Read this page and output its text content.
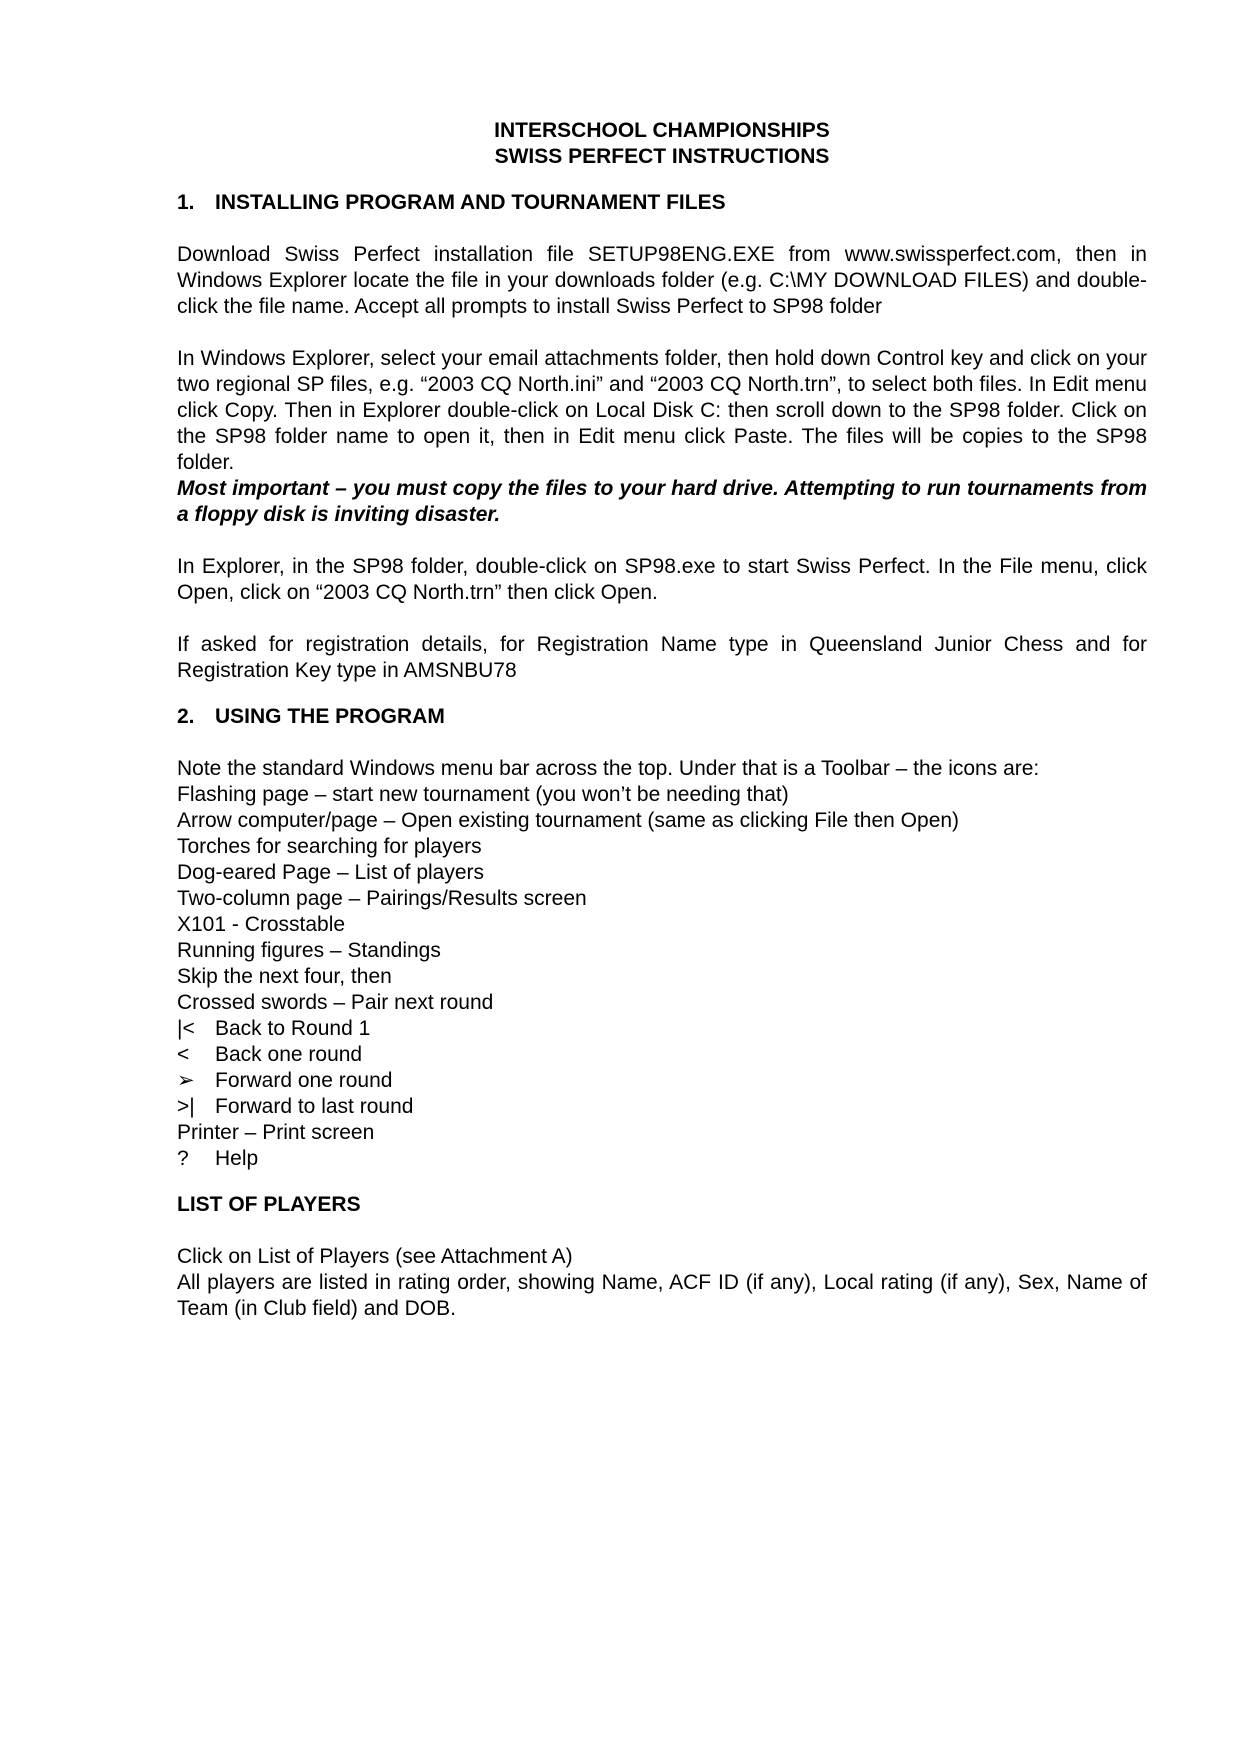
INTERSCHOOL CHAMPIONSHIPS

SWISS PERFECT INSTRUCTIONS

1. INSTALLING PROGRAM AND TOURNAMENT FILES

Download Swiss Perfect installation file SETUP98ENG.EXE from www.swissperfect.com, then in Windows Explorer locate the file in your downloads folder (e.g. C:\MY DOWNLOAD FILES) and double-click the file name. Accept all prompts to install Swiss Perfect to SP98 folder

In Windows Explorer, select your email attachments folder, then hold down Control key and click on your two regional SP files, e.g. “2003 CQ North.ini” and “2003 CQ North.trn”, to select both files. In Edit menu click Copy. Then in Explorer double-click on Local Disk C: then scroll down to the SP98 folder. Click on the SP98 folder name to open it, then in Edit menu click Paste. The files will be copies to the SP98 folder.

Most important – you must copy the files to your hard drive. Attempting to run tournaments from a floppy disk is inviting disaster.

In Explorer, in the SP98 folder, double-click on SP98.exe to start Swiss Perfect. In the File menu, click Open, click on “2003 CQ North.trn” then click Open.

If asked for registration details, for Registration Name type in Queensland Junior Chess and for Registration Key type in AMSNBU78

2. USING THE PROGRAM

Note the standard Windows menu bar across the top. Under that is a Toolbar – the icons are:

Flashing page – start new tournament (you won’t be needing that)

Arrow computer/page – Open existing tournament (same as clicking File then Open)

Torches for searching for players

Dog-eared Page – List of players

Two-column page – Pairings/Results screen

X101 - Crosstable

Running figures – Standings

Skip the next four, then

Crossed swords – Pair next round

|< Back to Round 1
<	Back one round
➢ Forward one round
>| Forward to last round

Printer – Print screen

?	Help
LIST OF PLAYERS

Click on List of Players (see Attachment A)

All players are listed in rating order, showing Name, ACF ID (if any), Local rating (if any), Sex, Name of Team (in Club field) and DOB.
